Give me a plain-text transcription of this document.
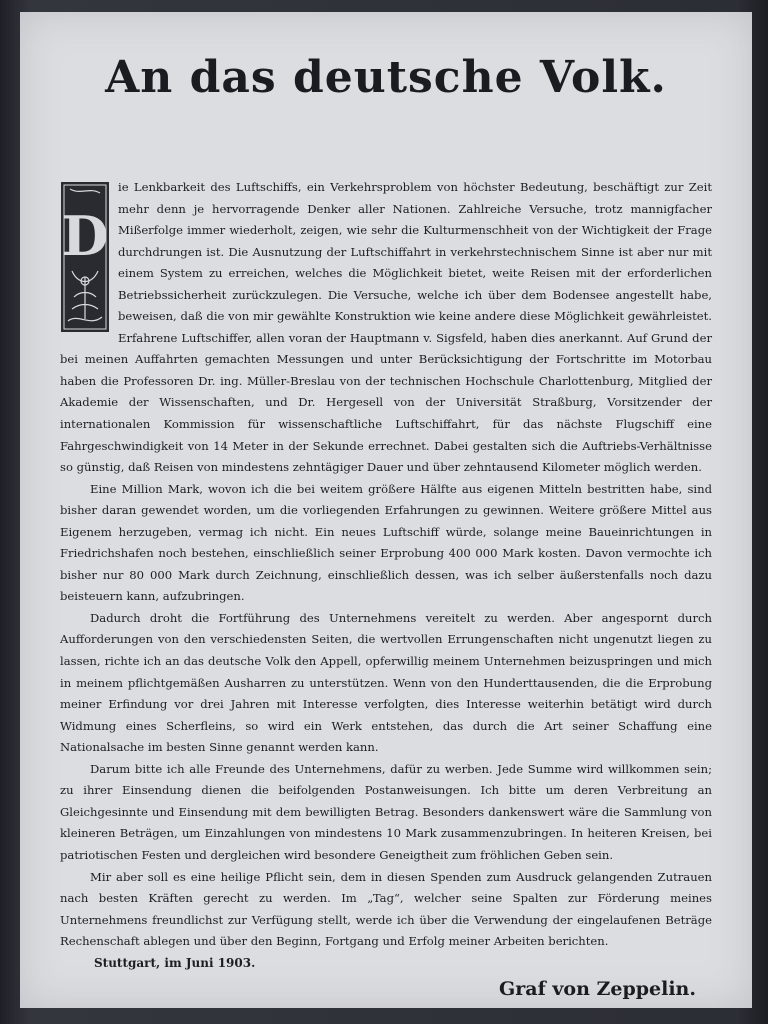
An das deutsche Volk.
D

ie Lenkbarkeit des Luftschiffs, ein Verkehrsproblem von höchster Bedeutung, beschäftigt zur Zeit mehr denn je hervorragende Denker aller Nationen. Zahlreiche Versuche, trotz mannigfacher Mißerfolge immer wiederholt, zeigen, wie sehr die Kulturmenschheit von der Wichtigkeit der Frage durchdrungen ist. Die Ausnutzung der Luftschiffahrt in verkehrstechnischem Sinne ist aber nur mit einem System zu erreichen, welches die Möglichkeit bietet, weite Reisen mit der erforderlichen Betriebssicherheit zurückzulegen. Die Versuche, welche ich über dem Bodensee angestellt habe, beweisen, daß die von mir gewählte Konstruktion wie keine andere diese Möglichkeit gewährleistet. Erfahrene Luftschiffer, allen voran der Hauptmann v. Sigsfeld, haben dies anerkannt. Auf Grund der bei meinen Auffahrten gemachten Messungen und unter Berücksichtigung der Fortschritte im Motorbau haben die Professoren Dr. ing. Müller-Breslau von der technischen Hochschule Charlottenburg, Mitglied der Akademie der Wissenschaften, und Dr. Hergesell von der Universität Straßburg, Vorsitzender der internationalen Kommission für wissenschaftliche Luftschiffahrt, für das nächste Flugschiff eine Fahrgeschwindigkeit von 14 Meter in der Sekunde errechnet. Dabei gestalten sich die Auftriebs-Verhältnisse so günstig, daß Reisen von mindestens zehntägiger Dauer und über zehntausend Kilometer möglich werden.

Eine Million Mark, wovon ich die bei weitem größere Hälfte aus eigenen Mitteln bestritten habe, sind bisher daran gewendet worden, um die vorliegenden Erfahrungen zu gewinnen. Weitere größere Mittel aus Eigenem herzugeben, vermag ich nicht. Ein neues Luftschiff würde, solange meine Baueinrichtungen in Friedrichshafen noch bestehen, einschließlich seiner Erprobung 400 000 Mark kosten. Davon vermochte ich bisher nur 80 000 Mark durch Zeichnung, einschließlich dessen, was ich selber äußerstenfalls noch dazu beisteuern kann, aufzubringen.

Dadurch droht die Fortführung des Unternehmens vereitelt zu werden. Aber angespornt durch Aufforderungen von den verschiedensten Seiten, die wertvollen Errungenschaften nicht ungenutzt liegen zu lassen, richte ich an das deutsche Volk den Appell, opferwillig meinem Unternehmen beizuspringen und mich in meinem pflichtgemäßen Ausharren zu unterstützen. Wenn von den Hunderttausenden, die die Erprobung meiner Erfindung vor drei Jahren mit Interesse verfolgten, dies Interesse weiterhin betätigt wird durch Widmung eines Scherfleins, so wird ein Werk entstehen, das durch die Art seiner Schaffung eine Nationalsache im besten Sinne genannt werden kann.

Darum bitte ich alle Freunde des Unternehmens, dafür zu werben. Jede Summe wird willkommen sein; zu ihrer Einsendung dienen die beifolgenden Postanweisungen. Ich bitte um deren Verbreitung an Gleichgesinnte und Einsendung mit dem bewilligten Betrag. Besonders dankenswert wäre die Sammlung von kleineren Beträgen, um Einzahlungen von mindestens 10 Mark zusammenzubringen. In heiteren Kreisen, bei patriotischen Festen und dergleichen wird besondere Geneigtheit zum fröhlichen Geben sein.

Mir aber soll es eine heilige Pflicht sein, dem in diesen Spenden zum Ausdruck gelangenden Zutrauen nach besten Kräften gerecht zu werden. Im „Tag“, welcher seine Spalten zur Förderung meines Unternehmens freundlichst zur Verfügung stellt, werde ich über die Verwendung der eingelaufenen Beträge Rechenschaft ablegen und über den Beginn, Fortgang und Erfolg meiner Arbeiten berichten.

Stuttgart, im Juni 1903.
Graf von Zeppelin.
